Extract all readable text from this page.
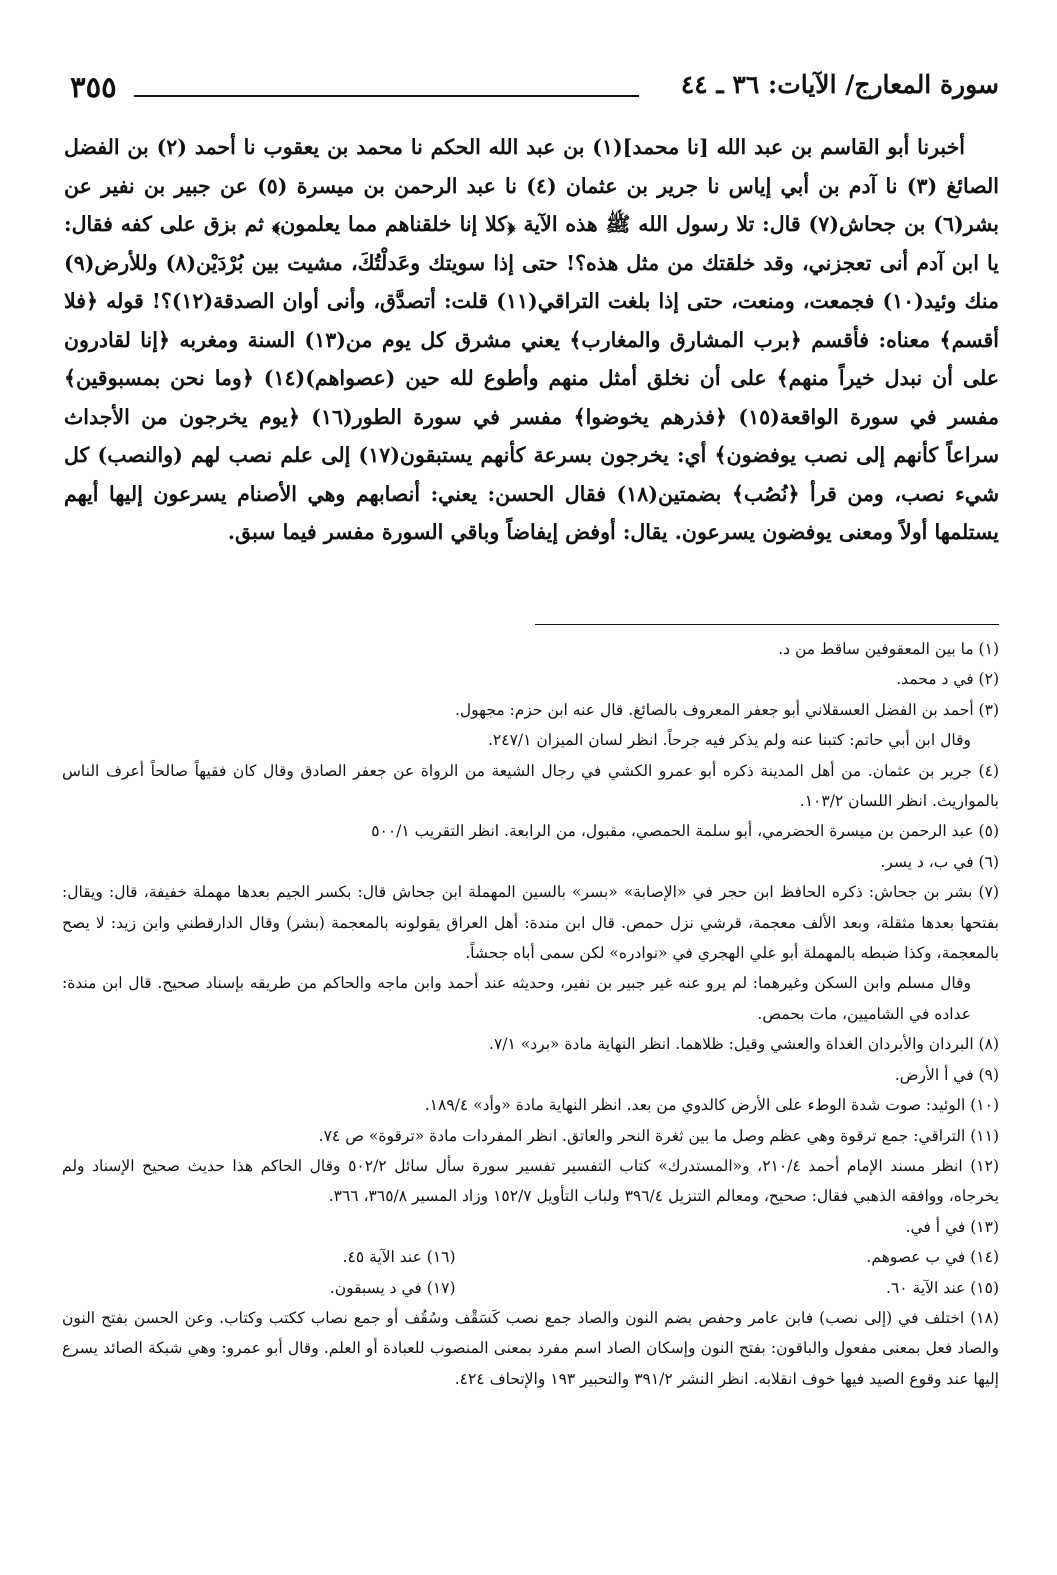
٣٥٥	سورة المعارج/ الآيات: ٣٦ ـ ٤٤

أخبرنا أبو القاسم بن عبد الله [نا محمد](١) بن عبد الله الحكم نا محمد بن يعقوب نا أحمد (٢) بن الفضل الصائغ (٣) نا آدم بن أبي إياس نا جرير بن عثمان (٤) نا عبد الرحمن بن ميسرة (٥) عن جبير بن نفير عن بشر(٦) بن جحاش(٧) قال: تلا رسول الله ﷺ هذه الآية ﴿كلا إنا خلقناهم مما يعلمون﴾ ثم بزق على كفه فقال: يا ابن آدم أنى تعجزني، وقد خلقتك من مثل هذه؟! حتى إذا سويتك وعَدلْتُكَ، مشيت بين بُرْدَيْن(٨) وللأرض(٩) منك وئيد(١٠) فجمعت، ومنعت، حتى إذا بلغت التراقي(١١) قلت: أتصدَّق، وأنى أوان الصدقة(١٢)؟! قوله ﴿فلا أقسم﴾ معناه: فأقسم ﴿برب المشارق والمغارب﴾ يعني مشرق كل يوم من(١٣) السنة ومغربه ﴿إنا لقادرون على أن نبدل خيراً منهم﴾ على أن نخلق أمثل منهم وأطوع لله حين (عصواهم)(١٤) ﴿وما نحن بمسبوقين﴾ مفسر في سورة الواقعة(١٥) ﴿فذرهم يخوضوا﴾ مفسر في سورة الطور(١٦) ﴿يوم يخرجون من الأجداث سراعاً كأنهم إلى نصب يوفضون﴾ أي: يخرجون بسرعة كأنهم يستبقون(١٧) إلى علم نصب لهم (والنصب) كل شيء نصب، ومن قرأ ﴿نُصُب﴾ بضمتين(١٨) فقال الحسن: يعني: أنصابهم وهي الأصنام يسرعون إليها أيهم يستلمها أولاً ومعنى يوفضون يسرعون. يقال: أوفض إيفاضاً وباقي السورة مفسر فيما سبق.

(١) ما بين المعقوفين ساقط من د.

(٢) في د محمد.

(٣) أحمد بن الفضل العسقلاني أبو جعفر المعروف بالصائغ. قال عنه ابن حزم: مجهول.

وقال ابن أبي حاتم: كتبنا عنه ولم يذكر فيه جرحاً. انظر لسان الميزان ٢٤٧/١.

(٤) جرير بن عثمان. من أهل المدينة ذكره أبو عمرو الكشي في رجال الشيعة من الرواة عن جعفر الصادق وقال كان فقيهاً صالحاً أعرف الناس بالمواريث. انظر اللسان ١٠٣/٢.

(٥) عبد الرحمن بن ميسرة الحضرمي، أبو سلمة الحمصي، مقبول، من الرابعة. انظر التقريب ٥٠٠/١

(٦) في ب، د يسر.

(٧) بشر بن جحاش: ذكره الحافظ ابن حجر في «الإصابة» «بسر» بالسين المهملة ابن جحاش قال: بكسر الجيم بعدها مهملة خفيفة، قال: ويقال: بفتحها بعدها مثقلة، وبعد الألف معجمة، قرشي نزل حمص. قال ابن مندة: أهل العراق يقولونه بالمعجمة (بشر) وقال الدارقطني وابن زيد: لا يصح بالمعجمة، وكذا ضبطه بالمهملة أبو علي الهجري في «نوادره» لكن سمى أباه جحشاً.

وقال مسلم وابن السكن وغيرهما: لم يرو عنه غير جبير بن نفير، وحديثه عند أحمد وابن ماجه والحاكم من طريقه بإسناد صحيح. قال ابن مندة: عداده في الشاميين، مات بحمص.

(٨) البردان والأبردان الغداة والعشي وقيل: ظلاهما. انظر النهاية مادة «برد» ٧/١.

(٩) في أ الأرض.

(١٠) الوئيد: صوت شدة الوطء على الأرض كالدوي من بعد. انظر النهاية مادة «وأد» ١٨٩/٤.

(١١) التراقي: جمع ترقوة وهي عظم وصل ما بين ثغرة النحر والعاتق. انظر المفردات مادة «ترقوة» ص ٧٤.

(١٢) انظر مسند الإمام أحمد ٢١٠/٤، و«المستدرك» كتاب التفسير تفسير سورة سأل سائل ٥٠٢/٢ وقال الحاكم هذا حديث صحيح الإسناد ولم يخرجاه، ووافقه الذهبي فقال: صحيح، ومعالم التنزيل ٣٩٦/٤ ولباب التأويل ١٥٢/٧ وزاد المسير ٣٦٥/٨، ٣٦٦.

(١٣) في أ في.

(١٤) في ب عصوهم.

(١٦) عند الآية ٤٥.

(١٥) عند الآية ٦٠.

(١٧) في د يسبقون.

(١٨) اختلف في (إلى نصب) فابن عامر وحفص بضم النون والصاد جمع نصب كَسَقْف وسُقُف أو جمع نصاب ككتب وكتاب. وعن الحسن بفتح النون والصاد فعل بمعنى مفعول والباقون: بفتح النون وإسكان الصاد اسم مفرد بمعنى المنصوب للعبادة أو العلم. وقال أبو عمرو: وهي شبكة الصائد يسرع إليها عند وقوع الصيد فيها خوف انقلابه. انظر النشر ٣٩١/٢ والتحبير ١٩٣ والإتحاف ٤٢٤.
